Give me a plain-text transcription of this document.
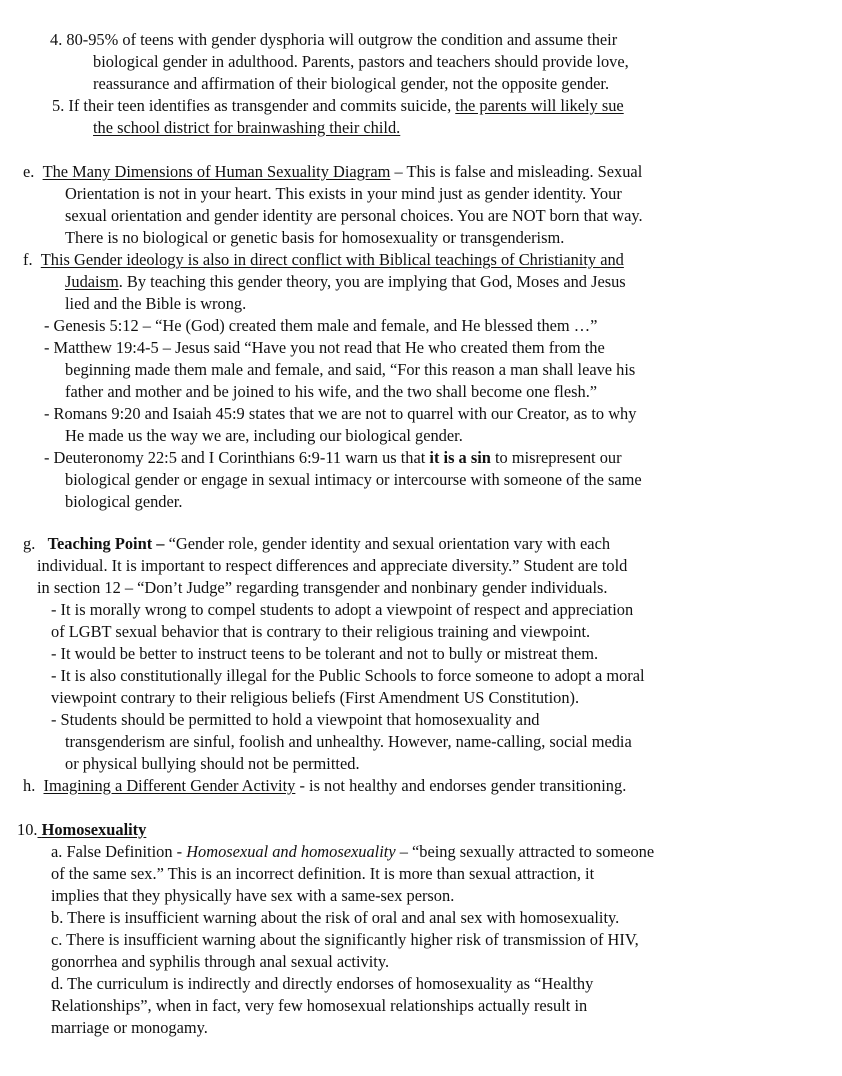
4. 80-95% of teens with gender dysphoria will outgrow the condition and assume their
biological gender in adulthood. Parents, pastors and teachers should provide love,
reassurance and affirmation of their biological gender, not the opposite gender.
5. If their teen identifies as transgender and commits suicide, the parents will likely sue
the school district for brainwashing their child.
e. The Many Dimensions of Human Sexuality Diagram – This is false and misleading. Sexual
Orientation is not in your heart. This exists in your mind just as gender identity. Your
sexual orientation and gender identity are personal choices. You are NOT born that way.
There is no biological or genetic basis for homosexuality or transgenderism.
f. This Gender ideology is also in direct conflict with Biblical teachings of Christianity and
Judaism. By teaching this gender theory, you are implying that God, Moses and Jesus
lied and the Bible is wrong.
- Genesis 5:12 – “He (God) created them male and female, and He blessed them …”
- Matthew 19:4-5 – Jesus said “Have you not read that He who created them from the
beginning made them male and female, and said, “For this reason a man shall leave his
father and mother and be joined to his wife, and the two shall become one flesh.”
- Romans 9:20 and Isaiah 45:9 states that we are not to quarrel with our Creator, as to why
He made us the way we are, including our biological gender.
- Deuteronomy 22:5 and I Corinthians 6:9-11 warn us that it is a sin to misrepresent our
biological gender or engage in sexual intimacy or intercourse with someone of the same
biological gender.
g. Teaching Point – “Gender role, gender identity and sexual orientation vary with each
individual. It is important to respect differences and appreciate diversity.” Student are told
in section 12 – “Don’t Judge” regarding transgender and nonbinary gender individuals.
- It is morally wrong to compel students to adopt a viewpoint of respect and appreciation
of LGBT sexual behavior that is contrary to their religious training and viewpoint.
- It would be better to instruct teens to be tolerant and not to bully or mistreat them.
- It is also constitutionally illegal for the Public Schools to force someone to adopt a moral
viewpoint contrary to their religious beliefs (First Amendment US Constitution).
- Students should be permitted to hold a viewpoint that homosexuality and
transgenderism are sinful, foolish and unhealthy. However, name-calling, social media
or physical bullying should not be permitted.
h. Imagining a Different Gender Activity - is not healthy and endorses gender transitioning.
10. Homosexuality
a. False Definition - Homosexual and homosexuality – “being sexually attracted to someone
of the same sex.” This is an incorrect definition. It is more than sexual attraction, it
implies that they physically have sex with a same-sex person.
b. There is insufficient warning about the risk of oral and anal sex with homosexuality.
c. There is insufficient warning about the significantly higher risk of transmission of HIV,
gonorrhea and syphilis through anal sexual activity.
d. The curriculum is indirectly and directly endorses of homosexuality as “Healthy
Relationships”, when in fact, very few homosexual relationships actually result in
marriage or monogamy.
